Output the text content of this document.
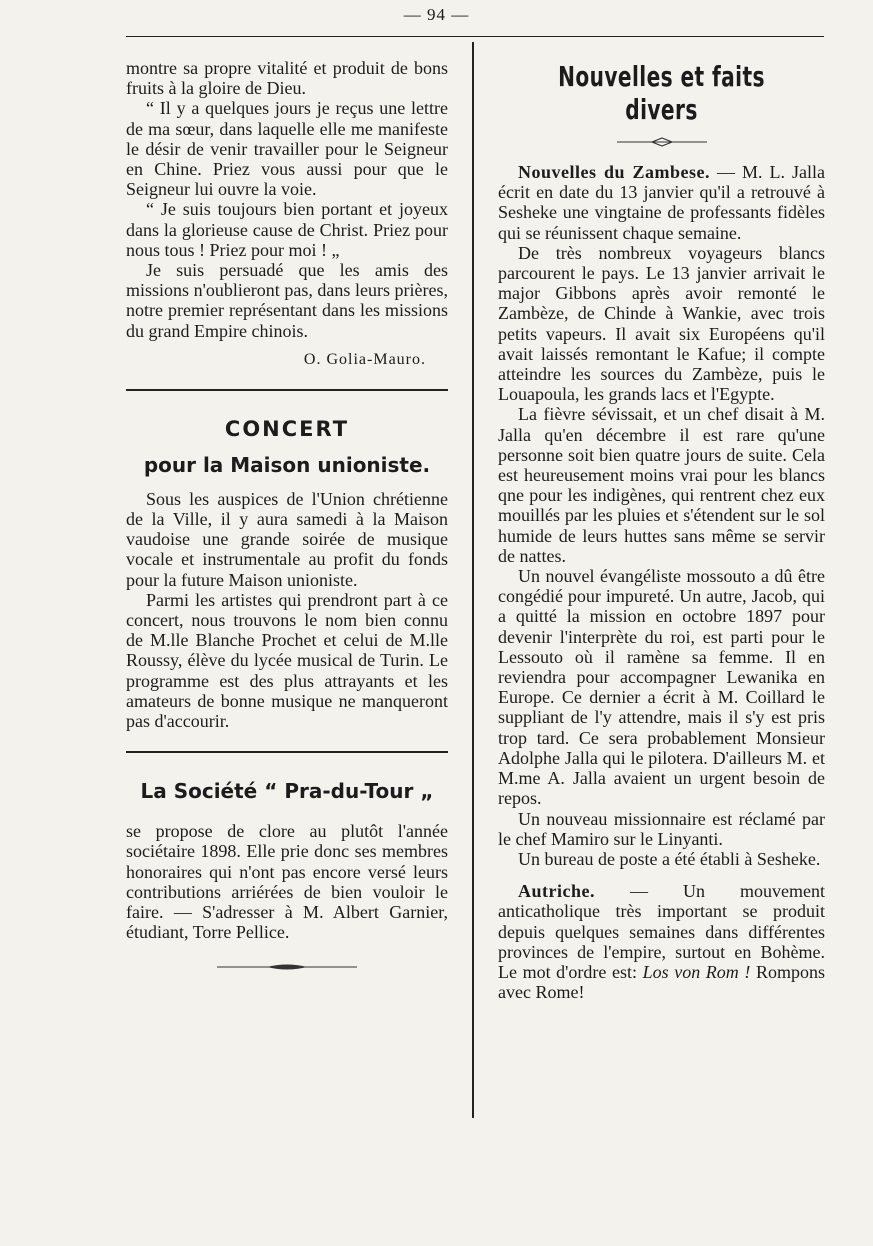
— 94 —

montre sa propre vitalité et produit de bons fruits à la gloire de Dieu.

“ Il y a quelques jours je reçus une lettre de ma sœur, dans laquelle elle me manifeste le désir de venir travailler pour le Seigneur en Chine. Priez vous aussi pour que le Seigneur lui ouvre la voie.

“ Je suis toujours bien portant et joyeux dans la glorieuse cause de Christ. Priez pour nous tous ! Priez pour moi ! „

Je suis persuadé que les amis des missions n'oublieront pas, dans leurs prières, notre premier représentant dans les missions du grand Empire chinois.

O. Golia-Mauro.
CONCERT
pour la Maison unioniste.

Sous les auspices de l'Union chrétienne de la Ville, il y aura samedi à la Maison vaudoise une grande soirée de musique vocale et instrumentale au profit du fonds pour la future Maison unioniste.

Parmi les artistes qui prendront part à ce concert, nous trouvons le nom bien connu de M.lle Blanche Prochet et celui de M.lle Roussy, élève du lycée musical de Turin. Le programme est des plus attrayants et les amateurs de bonne musique ne manqueront pas d'accourir.

La Société “ Pra-du-Tour „

se propose de clore au plutôt l'année sociétaire 1898. Elle prie donc ses membres honoraires qui n'ont pas encore versé leurs contributions arriérées de bien vouloir le faire. — S'adresser à M. Albert Garnier, étudiant, Torre Pellice.

Nouvelles et faits divers

Nouvelles du Zambese. — M. L. Jalla écrit en date du 13 janvier qu'il a retrouvé à Sesheke une vingtaine de professants fidèles qui se réunissent chaque semaine.

De très nombreux voyageurs blancs parcourent le pays. Le 13 janvier arrivait le major Gibbons après avoir remonté le Zambèze, de Chinde à Wankie, avec trois petits vapeurs. Il avait six Européens qu'il avait laissés remontant le Kafue; il compte atteindre les sources du Zambèze, puis le Louapoula, les grands lacs et l'Egypte.

La fièvre sévissait, et un chef disait à M. Jalla qu'en décembre il est rare qu'une personne soit bien quatre jours de suite. Cela est heureusement moins vrai pour les blancs qne pour les indigènes, qui rentrent chez eux mouillés par les pluies et s'étendent sur le sol humide de leurs huttes sans même se servir de nattes.

Un nouvel évangéliste mossouto a dû être congédié pour impureté. Un autre, Jacob, qui a quitté la mission en octobre 1897 pour devenir l'interprète du roi, est parti pour le Lessouto où il ramène sa femme. Il en reviendra pour accompagner Lewanika en Europe. Ce dernier a écrit à M. Coillard le suppliant de l'y attendre, mais il s'y est pris trop tard. Ce sera probablement Monsieur Adolphe Jalla qui le pilotera. D'ailleurs M. et M.me A. Jalla avaient un urgent besoin de repos.

Un nouveau missionnaire est réclamé par le chef Mamiro sur le Linyanti.

Un bureau de poste a été établi à Sesheke.

Autriche. — Un mouvement anticatholique très important se produit depuis quelques semaines dans différentes provinces de l'empire, surtout en Bohème. Le mot d'ordre est: Los von Rom ! Rompons avec Rome!
